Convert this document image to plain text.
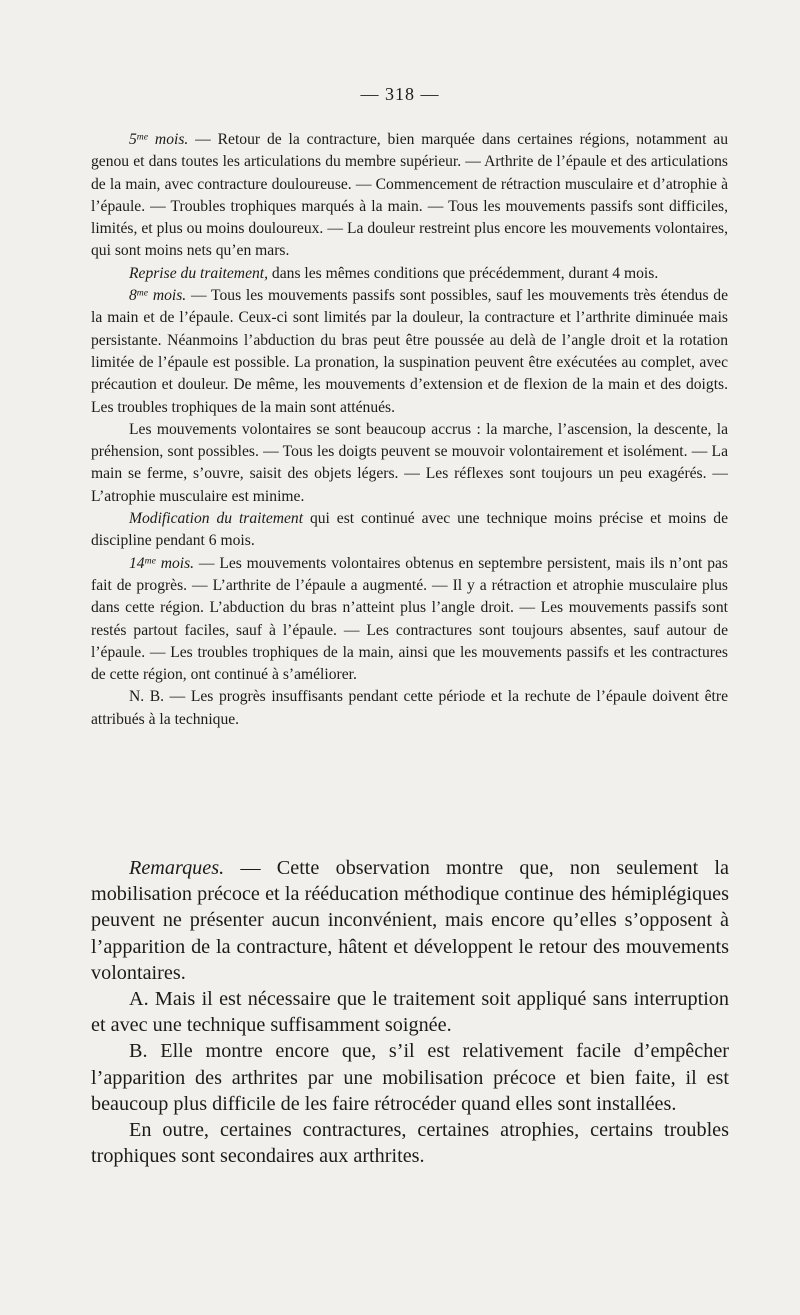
— 318 —

$5^{me}$ mois. — Retour de la contracture, bien marquée dans certaines régions, notamment au genou et dans toutes les articulations du membre supérieur. — Arthrite de l’épaule et des articulations de la main, avec contracture douloureuse. — Commencement de rétraction musculaire et d’atrophie à l’épaule. — Troubles trophiques marqués à la main. — Tous les mouvements passifs sont difficiles, limités, et plus ou moins douloureux. — La douleur restreint plus encore les mouvements volontaires, qui sont moins nets qu’en mars.

Reprise du traitement, dans les mêmes conditions que précédemment, durant 4 mois.

$8^{me}$ mois. — Tous les mouvements passifs sont possibles, sauf les mouvements très étendus de la main et de l’épaule. Ceux-ci sont limités par la douleur, la contracture et l’arthrite diminuée mais persistante. Néanmoins l’abduction du bras peut être poussée au delà de l’angle droit et la rotation limitée de l’épaule est possible. La pronation, la suspination peuvent être exécutées au complet, avec précaution et douleur. De même, les mouvements d’extension et de flexion de la main et des doigts. Les troubles trophiques de la main sont atténués.

Les mouvements volontaires se sont beaucoup accrus : la marche, l’ascension, la descente, la préhension, sont possibles. — Tous les doigts peuvent se mouvoir volontairement et isolément. — La main se ferme, s’ouvre, saisit des objets légers. — Les réflexes sont toujours un peu exagérés. — L’atrophie musculaire est minime.

Modification du traitement qui est continué avec une technique moins précise et moins de discipline pendant 6 mois.

$14^{me}$ mois. — Les mouvements volontaires obtenus en septembre persistent, mais ils n’ont pas fait de progrès. — L’arthrite de l’épaule a augmenté. — Il y a rétraction et atrophie musculaire plus dans cette région. L’abduction du bras n’atteint plus l’angle droit. — Les mouvements passifs sont restés partout faciles, sauf à l’épaule. — Les contractures sont toujours absentes, sauf autour de l’épaule. — Les troubles trophiques de la main, ainsi que les mouvements passifs et les contractures de cette région, ont continué à s’améliorer.

N. B. — Les progrès insuffisants pendant cette période et la rechute de l’épaule doivent être attribués à la technique.

Remarques. — Cette observation montre que, non seulement la mobilisation précoce et la rééducation méthodique continue des hémiplégiques peuvent ne présenter aucun inconvénient, mais encore qu’elles s’opposent à l’apparition de la contracture, hâtent et développent le retour des mouvements volontaires.

A. Mais il est nécessaire que le traitement soit appliqué sans interruption et avec une technique suffisamment soignée.

B. Elle montre encore que, s’il est relativement facile d’empêcher l’apparition des arthrites par une mobilisation précoce et bien faite, il est beaucoup plus difficile de les faire rétrocéder quand elles sont installées.

En outre, certaines contractures, certaines atrophies, certains troubles trophiques sont secondaires aux arthrites.
